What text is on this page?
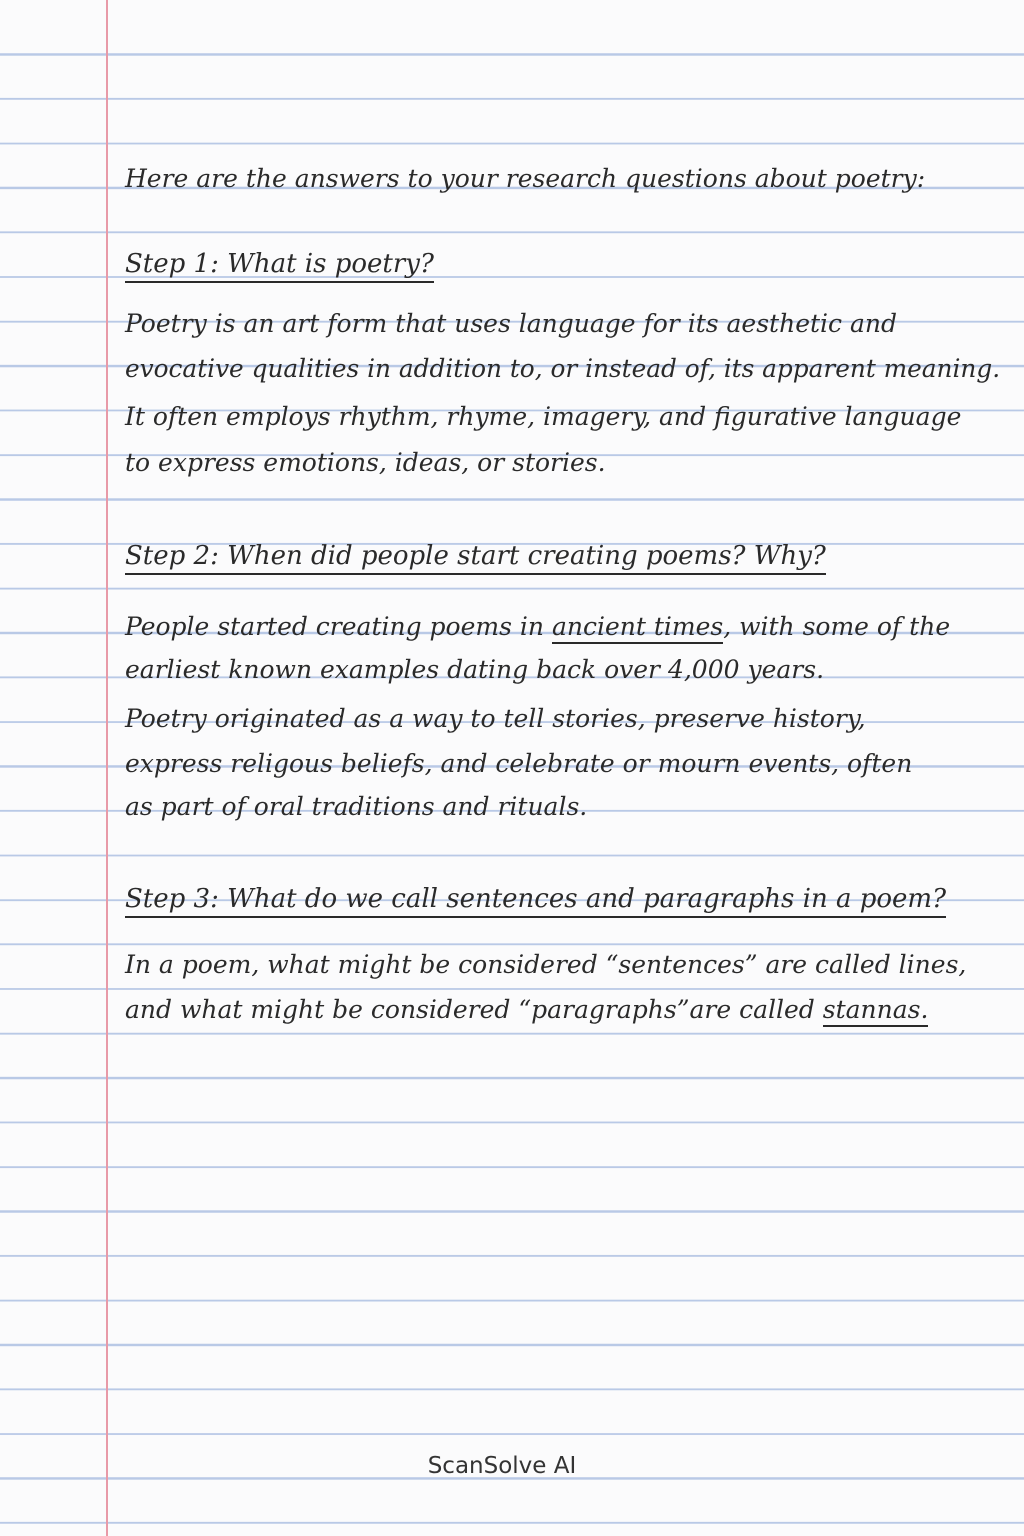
Here are the answers to your research questions about poetry:
Step 1: What is poetry?
Poetry is an art form that uses language for its aesthetic and
evocative qualities in addition to, or instead of, its apparent meaning.
It often employs rhythm, rhyme, imagery, and figurative language
to express emotions, ideas, or stories.
Step 2: When did people start creating poems? Why?
People started creating poems in ancient times, with some of the
earliest known examples dating back over 4,000 years.
Poetry originated as a way to tell stories, preserve history,
express religous beliefs, and celebrate or mourn events, often
as part of oral traditions and rituals.
Step 3: What do we call sentences and paragraphs in a poem?
In a poem, what might be considered “sentences” are called lines,
and what might be considered “paragraphs”are called stannas.
ScanSolve AI
